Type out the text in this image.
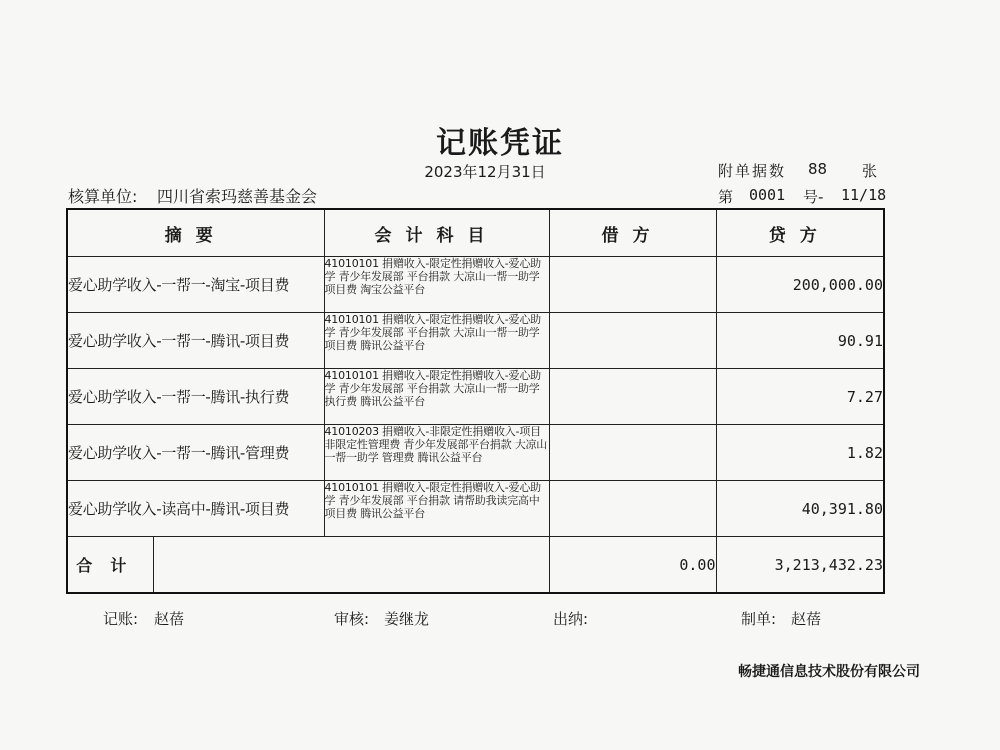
记账凭证
2023年12月31日
核算单位: 四川省索玛慈善基金会
附单据数 88 张
第 0001 号- 11/18
摘要		会计科目	借方	贷方
爱心助学收入-一帮一-淘宝-项目费		41010101 捐赠收入-限定性捐赠收入-爱心助学 青少年发展部 平台捐款 大凉山一帮一助学 项目费 淘宝公益平台		200,000.00
爱心助学收入-一帮一-腾讯-项目费		41010101 捐赠收入-限定性捐赠收入-爱心助学 青少年发展部 平台捐款 大凉山一帮一助学 项目费 腾讯公益平台		90.91
爱心助学收入-一帮一-腾讯-执行费		41010101 捐赠收入-限定性捐赠收入-爱心助学 青少年发展部 平台捐款 大凉山一帮一助学 执行费 腾讯公益平台		7.27
爱心助学收入-一帮一-腾讯-管理费		41010203 捐赠收入-非限定性捐赠收入-项目非限定性管理费 青少年发展部平台捐款 大凉山一帮一助学 管理费 腾讯公益平台		1.82
爱心助学收入-读高中-腾讯-项目费		41010101 捐赠收入-限定性捐赠收入-爱心助学 青少年发展部 平台捐款 请帮助我读完高中 项目费 腾讯公益平台		40,391.80
合计			0.00	3,213,432.23
记账: 赵蓓	审核: 姜继龙	出纳:	制单: 赵蓓
畅捷通信息技术股份有限公司
